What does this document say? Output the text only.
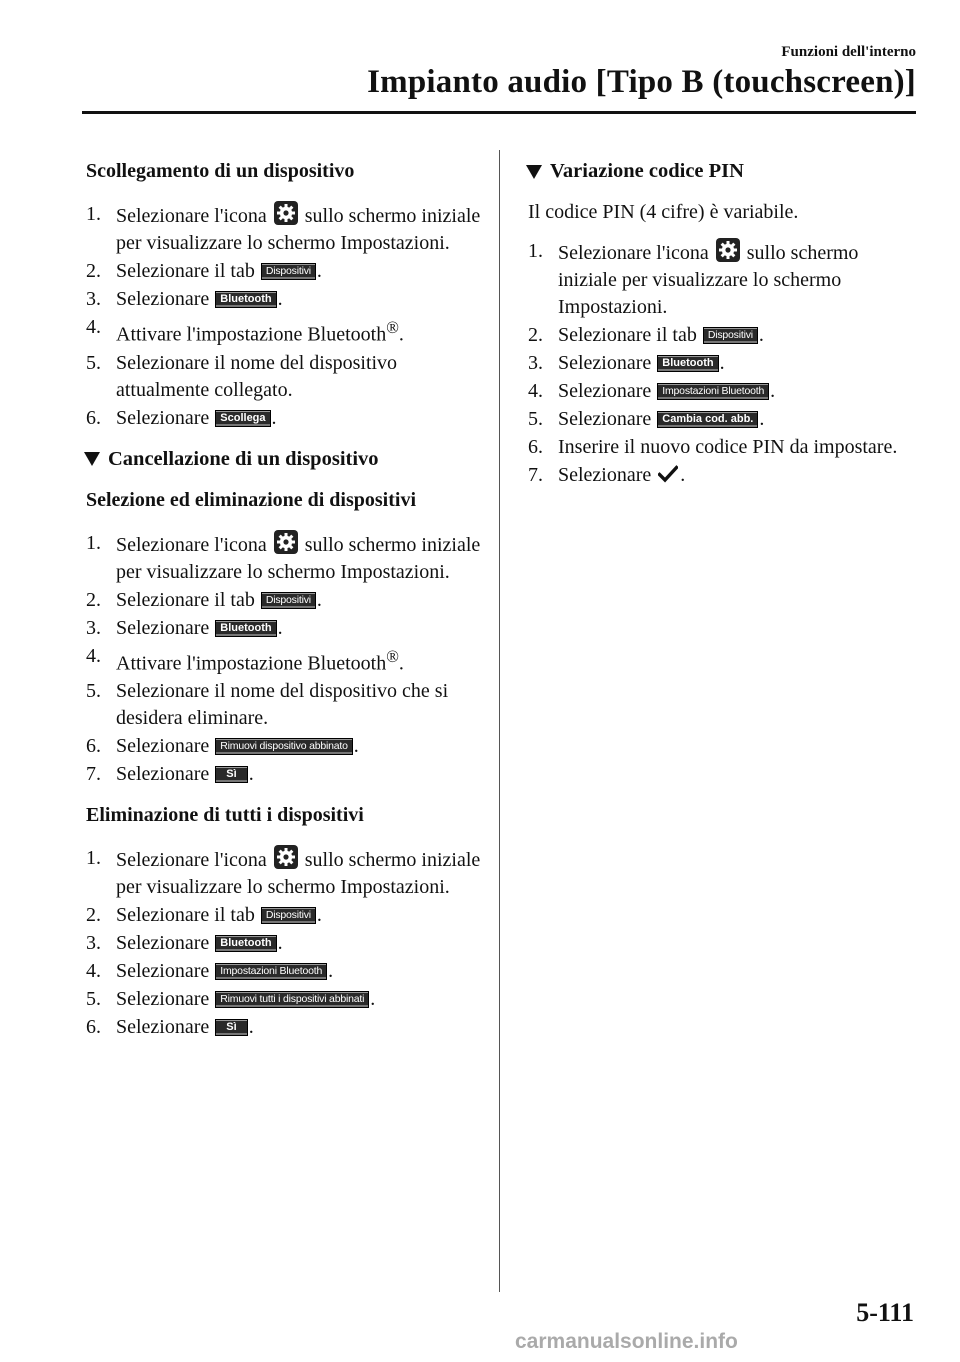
Funzioni dell'interno
Impianto audio [Tipo B (touchscreen)]
Scollegamento di un dispositivo
1. Selezionare l'icona sullo schermo iniziale per visualizzare lo schermo Impostazioni.
2. Selezionare il tab Dispositivi .
3. Selezionare Bluetooth .
4. Attivare l'impostazione Bluetooth®.
5. Selezionare il nome del dispositivo attualmente collegato.
6. Selezionare Scollega .
Cancellazione di un dispositivo
Selezione ed eliminazione di dispositivi
1. Selezionare l'icona sullo schermo iniziale per visualizzare lo schermo Impostazioni.
2. Selezionare il tab Dispositivi .
3. Selezionare Bluetooth .
4. Attivare l'impostazione Bluetooth®.
5. Selezionare il nome del dispositivo che si desidera eliminare.
6. Selezionare Rimuovi dispositivo abbinato .
7. Selezionare Sì .
Eliminazione di tutti i dispositivi
1. Selezionare l'icona sullo schermo iniziale per visualizzare lo schermo Impostazioni.
2. Selezionare il tab Dispositivi .
3. Selezionare Bluetooth .
4. Selezionare Impostazioni Bluetooth .
5. Selezionare Rimuovi tutti i dispositivi abbinati .
6. Selezionare Sì .
Variazione codice PIN
Il codice PIN (4 cifre) è variabile.
1. Selezionare l'icona sullo schermo iniziale per visualizzare lo schermo Impostazioni.
2. Selezionare il tab Dispositivi .
3. Selezionare Bluetooth .
4. Selezionare Impostazioni Bluetooth .
5. Selezionare Cambia cod. abb. .
6. Inserire il nuovo codice PIN da impostare.
7. Selezionare .
5-111
carmanualsonline.info
